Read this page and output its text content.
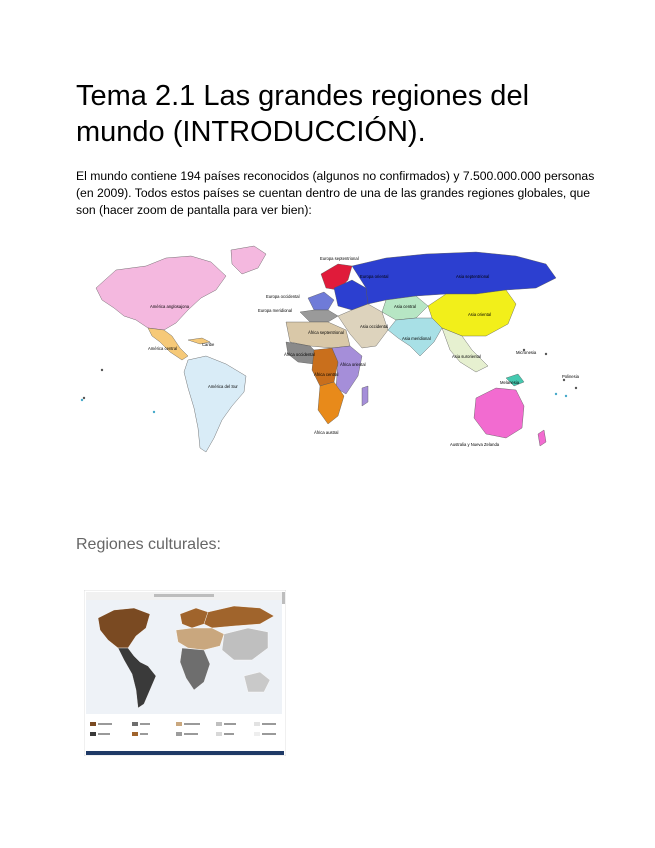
Tema 2.1 Las grandes regiones del mundo (INTRODUCCIÓN).

El mundo contiene 194 países reconocidos (algunos no confirmados) y 7.500.000.000 personas (en 2009). Todos estos países se cuentan dentro de una de las grandes regiones globales, que son (hacer zoom de pantalla para ver bien):

América anglosajona
América central
Caribe
América del Sur
Europa septentrional
Europa oriental
Europa occidental
Europa meridional
Asia septentrional
Asia central
Asia oriental
Asia occidental
Asia meridional
Asia suroriental
África septentrional
África occidental
África central
África oriental
África austral
Micronesia
Melanesia
Polinesia
Australia y Nueva Zelanda
Regiones culturales:
